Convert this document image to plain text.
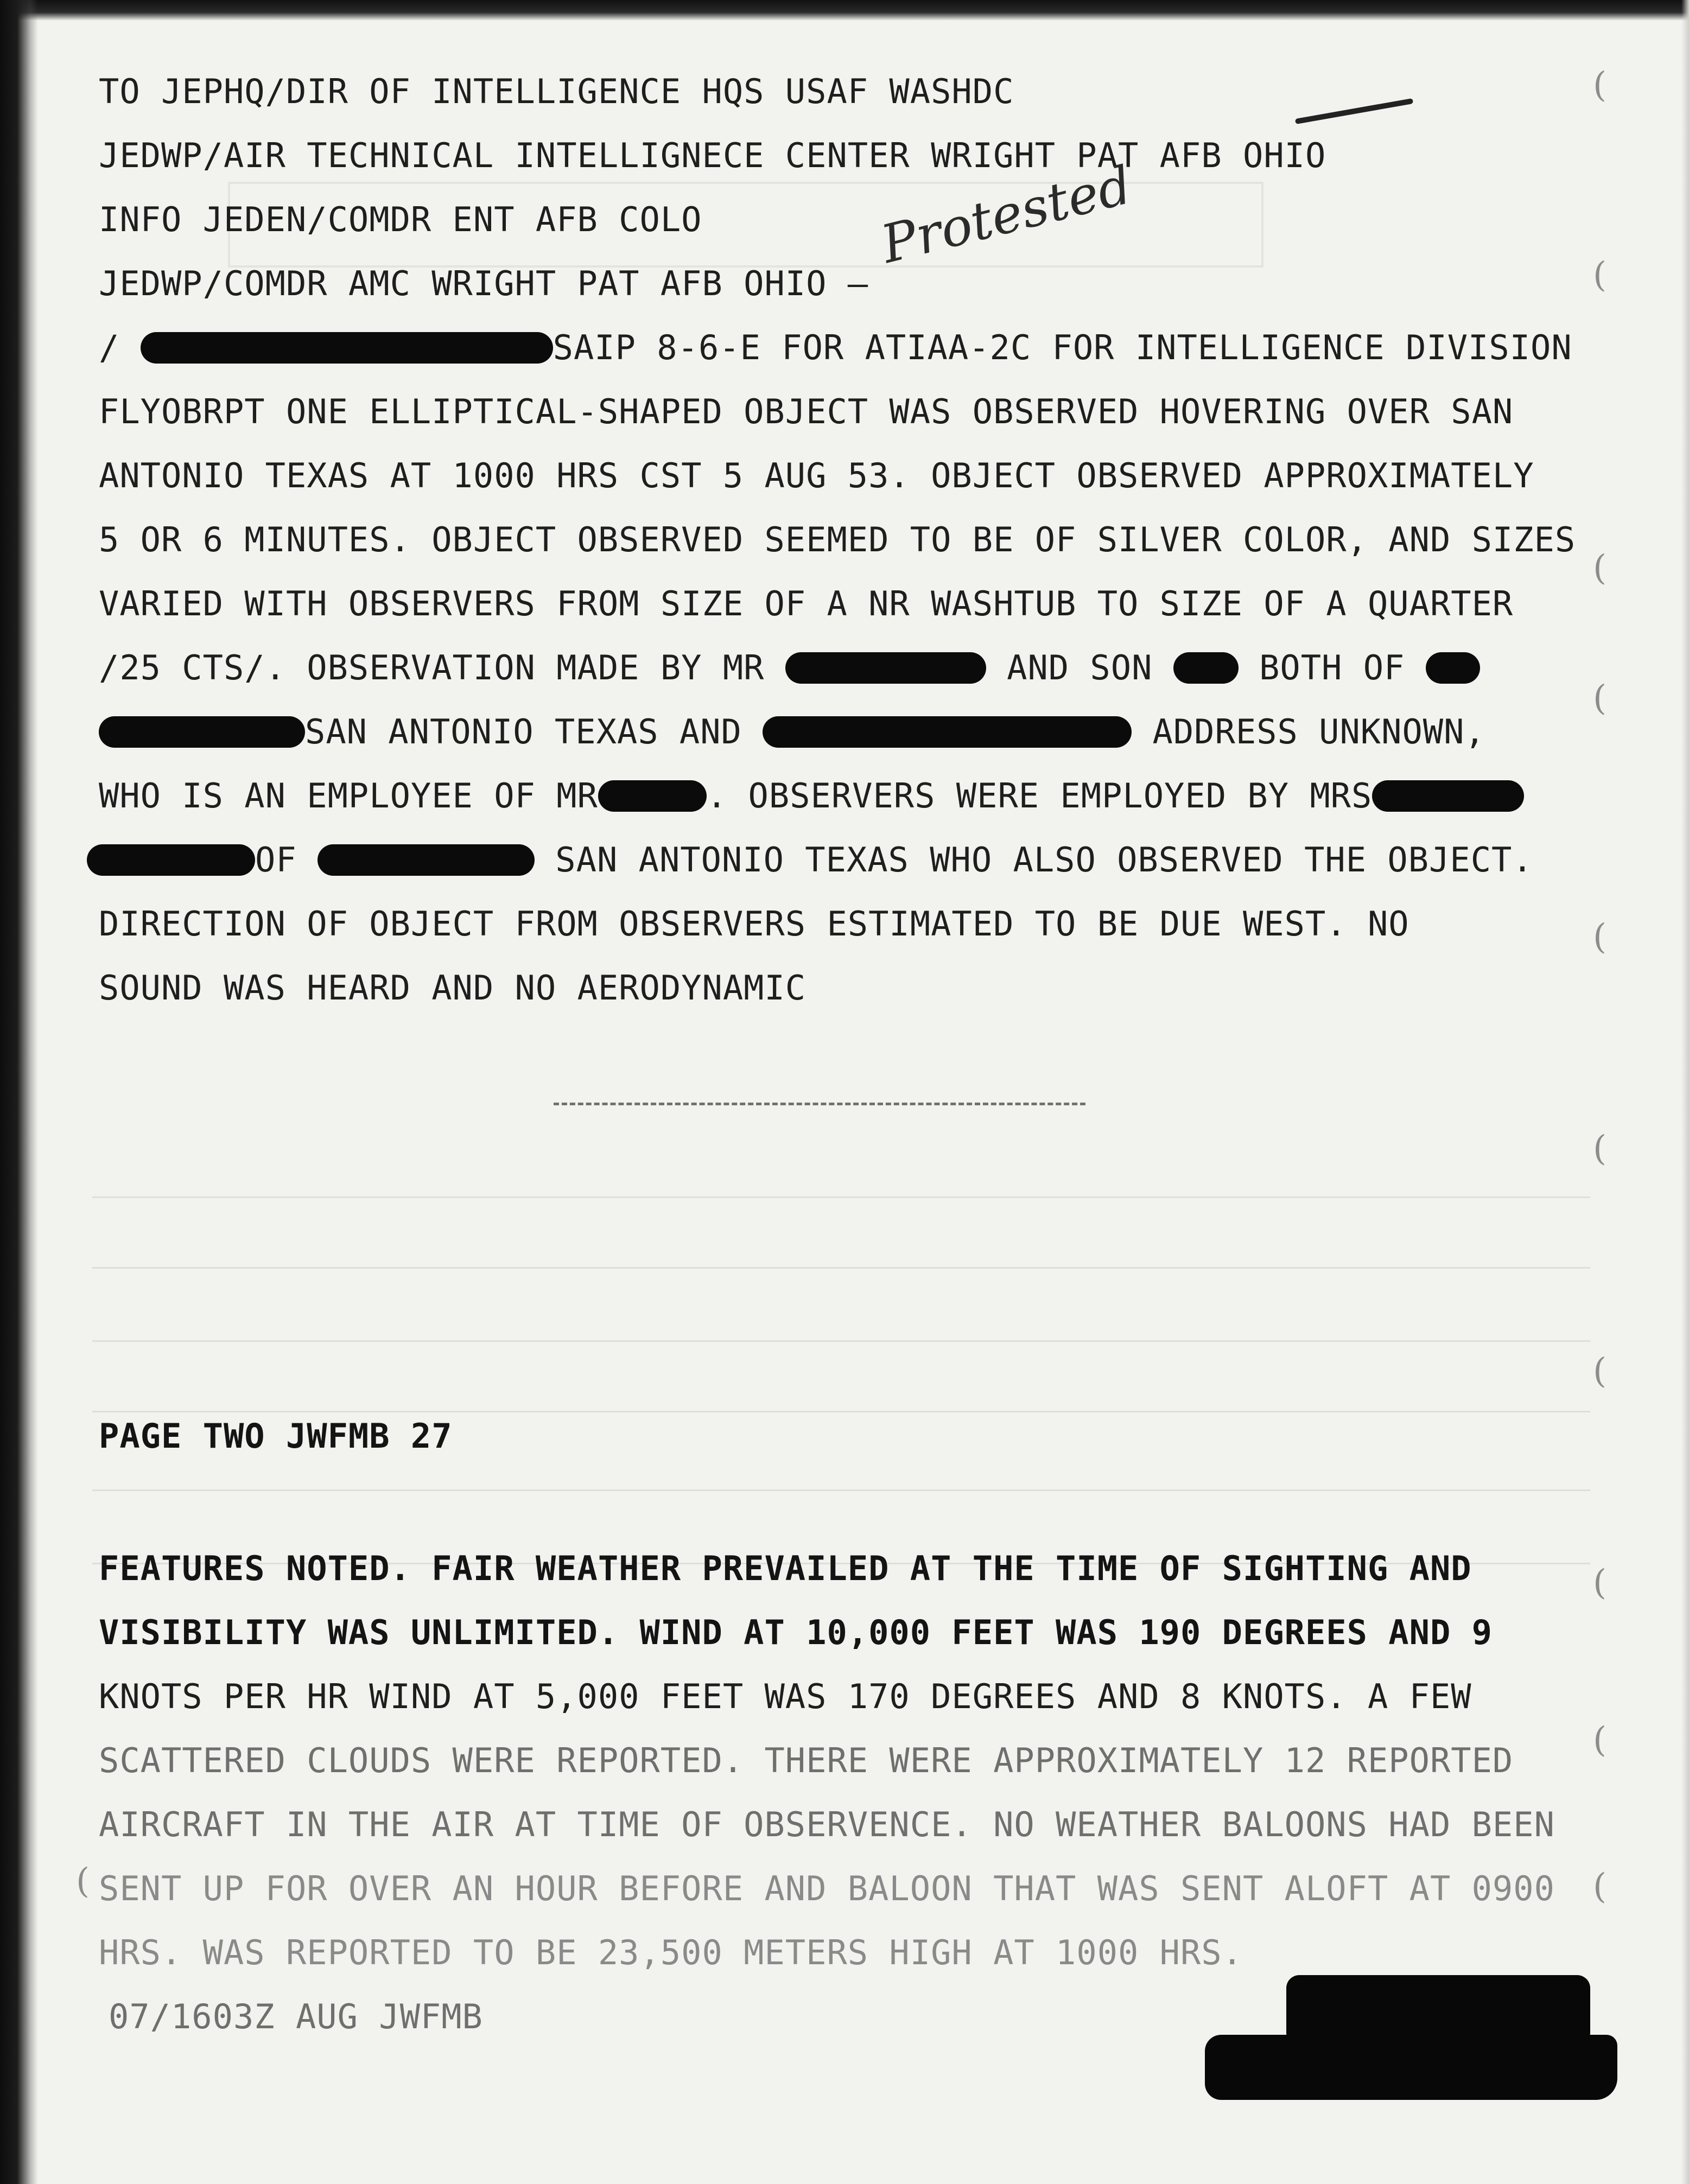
TO JEPHQ/DIR OF INTELLIGENCE HQS USAF WASHDC
JEDWP/AIR TECHNICAL INTELLIGNECE CENTER WRIGHT PAT AFB OHIO
INFO JEDEN/COMDR ENT AFB COLO
JEDWP/COMDR AMC WRIGHT PAT AFB OHIO —
/	SAIP 8-6-E FOR ATIAA-2C FOR INTELLIGENCE DIVISION
FLYOBRPT ONE ELLIPTICAL-SHAPED OBJECT WAS OBSERVED HOVERING OVER SAN
ANTONIO TEXAS AT 1000 HRS CST 5 AUG 53. OBJECT OBSERVED APPROXIMATELY
5 OR 6 MINUTES. OBJECT OBSERVED SEEMED TO BE OF SILVER COLOR, AND SIZES
VARIED WITH OBSERVERS FROM SIZE OF A NR WASHTUB TO SIZE OF A QUARTER
/25 CTS/. OBSERVATION MADE BY MR	AND SON  BOTH OF
SAN ANTONIO TEXAS AND	ADDRESS UNKNOWN,
WHO IS AN EMPLOYEE OF MR	. OBSERVERS WERE EMPLOYED BY MRS
OF	SAN ANTONIO TEXAS WHO ALSO OBSERVED THE OBJECT.
DIRECTION OF OBJECT FROM OBSERVERS ESTIMATED TO BE DUE WEST. NO
SOUND WAS HEARD AND NO AERODYNAMIC
Protested
PAGE TWO JWFMB 27
FEATURES NOTED. FAIR WEATHER PREVAILED AT THE TIME OF SIGHTING AND
VISIBILITY WAS UNLIMITED. WIND AT 10,000 FEET WAS 190 DEGREES AND 9
KNOTS PER HR WIND AT 5,000 FEET WAS 170 DEGREES AND 8 KNOTS. A FEW
SCATTERED CLOUDS WERE REPORTED. THERE WERE APPROXIMATELY 12 REPORTED
AIRCRAFT IN THE AIR AT TIME OF OBSERVENCE. NO WEATHER BALOONS HAD BEEN
SENT UP FOR OVER AN HOUR BEFORE AND BALOON THAT WAS SENT ALOFT AT 0900
HRS. WAS REPORTED TO BE 23,500 METERS HIGH AT 1000 HRS.
07/1603Z AUG JWFMB
(
(
(
(
(
(
(
(
(
(
(
